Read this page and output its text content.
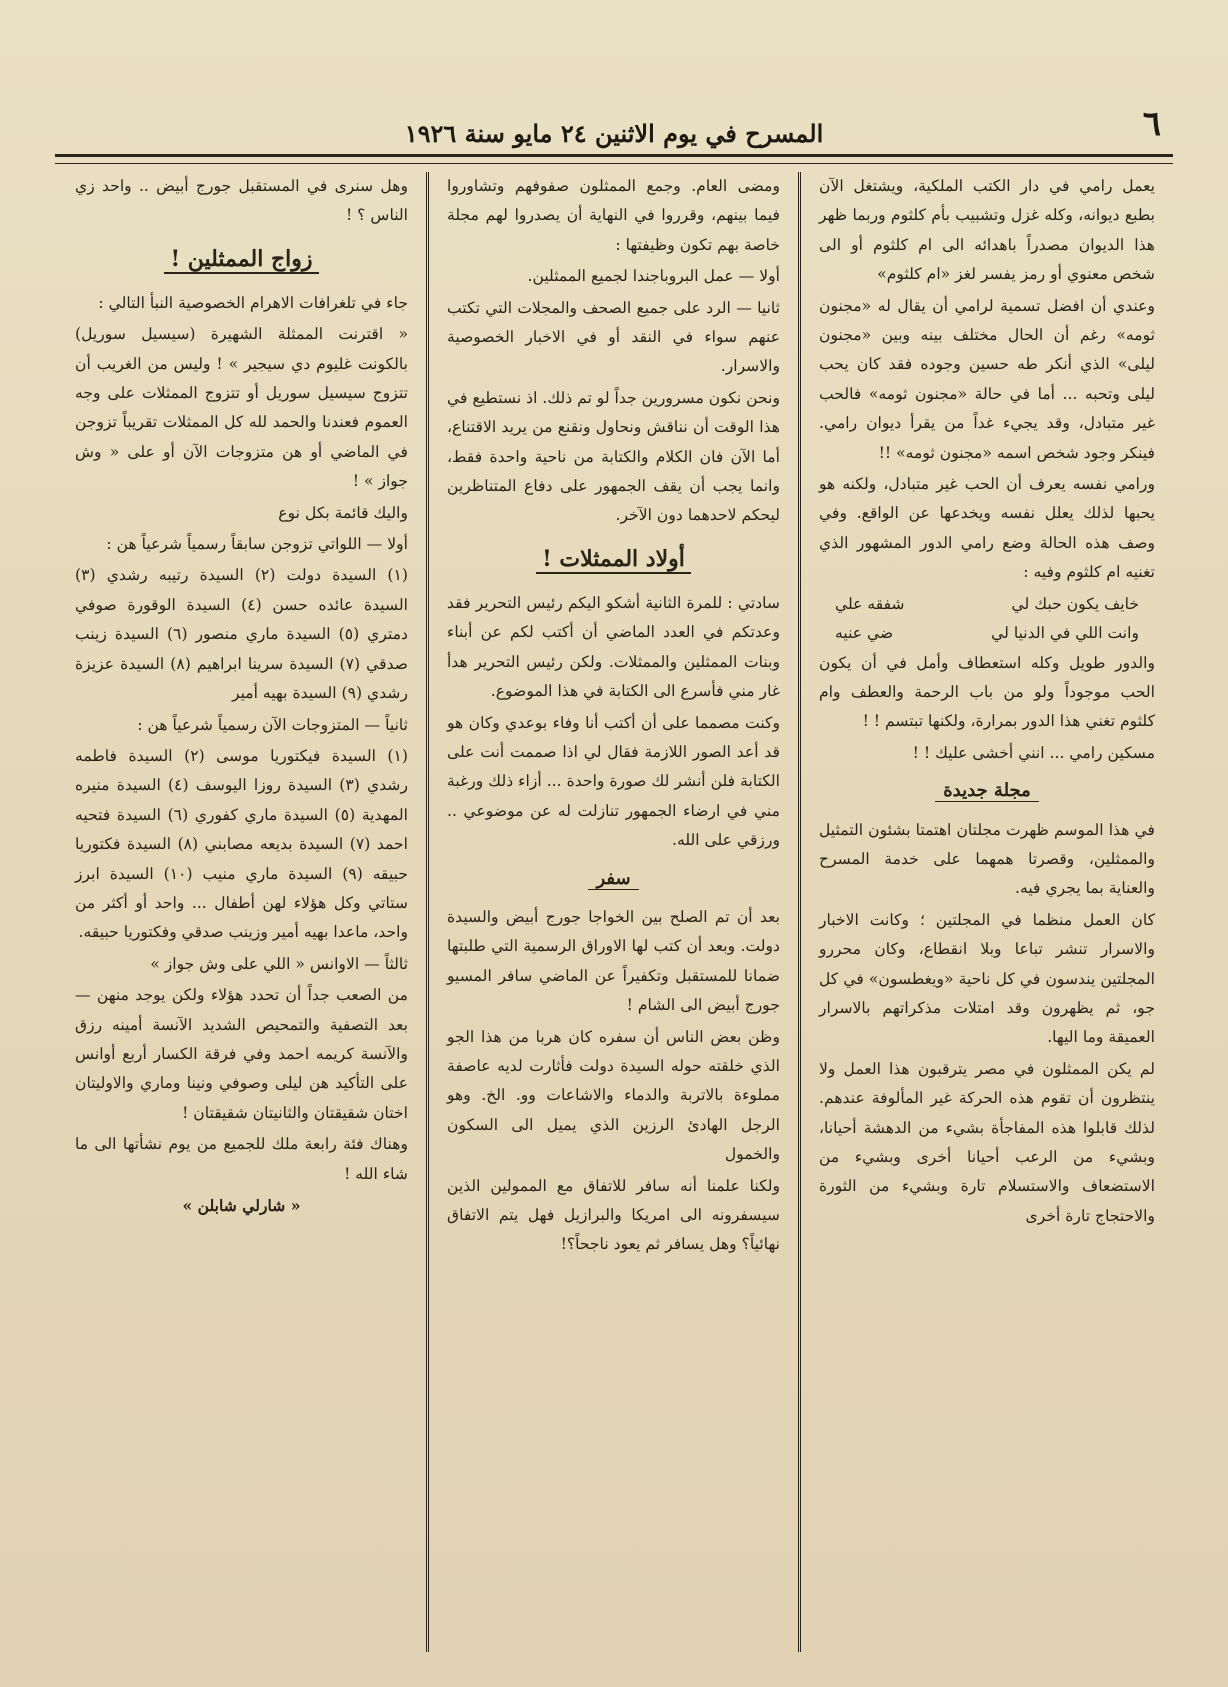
٦
المسرح في يوم الاثنين ٢٤ مايو سنة ١٩٢٦

يعمل رامي في دار الكتب الملكية، ويشتغل الآن بطبع ديوانه، وكله غزل وتشبيب بأم كلثوم وربما ظهر هذا الديوان مصدراً باهدائه الى ام كلثوم أو الى شخص معنوي أو رمز يفسر لغز «ام كلثوم»

وعندي أن افضل تسمية لرامي أن يقال له «مجنون ثومه» رغم أن الحال مختلف بينه وبين «مجنون ليلى» الذي أنكر طه حسين وجوده فقد كان يحب ليلى وتحبه ... أما في حالة «مجنون ثومه» فالحب غير متبادل، وقد يجيء غداً من يقرأ ديوان رامي. فينكر وجود شخص اسمه «مجنون ثومه» !!

ورامي نفسه يعرف أن الحب غير متبادل، ولكنه هو يحبها لذلك يعلل نفسه ويخدعها عن الواقع. وفي وصف هذه الحالة وضع رامي الدور المشهور الذي تغنيه ام كلثوم وفيه :

خايف يكون حبك لي
شفقه علي
وانت اللي في الدنيا لي
ضي عنيه

والدور طويل وكله استعطاف وأمل في أن يكون الحب موجوداً ولو من باب الرحمة والعطف وام كلثوم تغني هذا الدور بمرارة، ولكنها تبتسم ! !

مسكين رامي ... انني أخشى عليك ! !

مجلة جديدة

في هذا الموسم ظهرت مجلتان اهتمتا بشئون التمثيل والممثلين، وقصرتا همهما على خدمة المسرح والعناية بما يجري فيه.

كان العمل منظما في المجلتين ؛ وكانت الاخبار والاسرار تنشر تباعا وبلا انقطاع، وكان محررو المجلتين يندسون في كل ناحية «ويغطسون» في كل جو، ثم يظهرون وقد امتلات مذكراتهم بالاسرار العميقة وما اليها.

لم يكن الممثلون في مصر يترقبون هذا العمل ولا ينتظرون أن تقوم هذه الحركة غير المألوفة عندهم. لذلك قابلوا هذه المفاجأة بشيء من الدهشة أحيانا، وبشيء من الرعب أحيانا أخرى وبشيء من الاستضعاف والاستسلام تارة وبشيء من الثورة والاحتجاج تارة أخرى

ومضى العام. وجمع الممثلون صفوفهم وتشاوروا فيما بينهم، وقرروا في النهاية أن يصدروا لهم مجلة خاصة بهم تكون وظيفتها :

أولا — عمل البروباجندا لجميع الممثلين.

ثانيا — الرد على جميع الصحف والمجلات التي تكتب عنهم سواء في النقد أو في الاخبار الخصوصية والاسرار.

ونحن نكون مسرورين جداً لو تم ذلك. اذ نستطيع في هذا الوقت أن نناقش ونحاول ونقنع من يريد الاقتناع، أما الآن فان الكلام والكتابة من ناحية واحدة فقط، وانما يجب أن يقف الجمهور على دفاع المتناظرين ليحكم لاحدهما دون الآخر.

أولاد الممثلات !

سادتي : للمرة الثانية أشكو اليكم رئيس التحرير فقد وعدتكم في العدد الماضي أن أكتب لكم عن أبناء وبنات الممثلين والممثلات. ولكن رئيس التحرير هدأ غار مني فأسرع الى الكتابة في هذا الموضوع.

وكنت مصمما على أن أكتب أنا وفاء بوعدي وكان هو قد أعد الصور اللازمة فقال لي اذا صممت أنت على الكتابة فلن أنشر لك صورة واحدة ... أزاء ذلك ورغبة مني في ارضاء الجمهور تنازلت له عن موضوعي .. ورزقي على الله.

سفر

بعد أن تم الصلح بين الخواجا جورج أبيض والسيدة دولت. وبعد أن كتب لها الاوراق الرسمية التي طلبتها ضمانا للمستقبل وتكفيراً عن الماضي سافر المسيو جورج أبيض الى الشام !

وظن بعض الناس أن سفره كان هربا من هذا الجو الذي خلقته حوله السيدة دولت فأثارت لديه عاصفة مملوءة بالاتربة والدماء والاشاعات وو. الخ. وهو الرجل الهادئ الرزين الذي يميل الى السكون والخمول

ولكنا علمنا أنه سافر للاتفاق مع الممولين الذين سيسفرونه الى امريكا والبرازيل فهل يتم الاتفاق نهائياً؟ وهل يسافر ثم يعود ناجحاً؟!

وهل سنرى في المستقبل جورج أبيض .. واحد زي الناس ؟ !

زواج الممثلين !

جاء في تلغرافات الاهرام الخصوصية النبأ التالي :

« اقترنت الممثلة الشهيرة (سيسيل سوريل) بالكونت غليوم دي سيجير » ! وليس من الغريب أن تتزوج سيسيل سوريل أو تتزوج الممثلات على وجه العموم فعندنا والحمد لله كل الممثلات تقريباً تزوجن في الماضي أو هن متزوجات الآن أو على « وش جواز » !

واليك قائمة بكل نوع

أولا — اللواتي تزوجن سابقاً رسمياً شرعياً هن :

(١) السيدة دولت (٢) السيدة رتيبه رشدي (٣) السيدة عائده حسن (٤) السيدة الوقورة صوفي دمتري (٥) السيدة ماري منصور (٦) السيدة زينب صدقي (٧) السيدة سرينا ابراهيم (٨) السيدة عزيزة رشدي (٩) السيدة بهيه أمير

ثانياً — المتزوجات الآن رسمياً شرعياً هن :

(١) السيدة فيكتوريا موسى (٢) السيدة فاطمه رشدي (٣) السيدة روزا اليوسف (٤) السيدة منيره المهدية (٥) السيدة ماري كفوري (٦) السيدة فتحيه احمد (٧) السيدة بديعه مصابني (٨) السيدة فكتوريا حبيقه (٩) السيدة ماري منيب (١٠) السيدة ابرز ستاتي وكل هؤلاء لهن أطفال ... واحد أو أكثر من واحد، ماعدا بهيه أمير وزينب صدقي وفكتوريا حبيقه.

ثالثاً — الاوانس « اللي على وش جواز »

من الصعب جداً أن تحدد هؤلاء ولكن يوجد منهن — بعد التصفية والتمحيص الشديد الآنسة أمينه رزق والآنسة كريمه احمد وفي فرقة الكسار أربع أوانس على التأكيد هن ليلى وصوفي ونينا وماري والاوليتان اختان شقيقتان والثانيتان شقيقتان !

وهناك فئة رابعة ملك للجميع من يوم نشأتها الى ما شاء الله !

« شارلي شابلن »
